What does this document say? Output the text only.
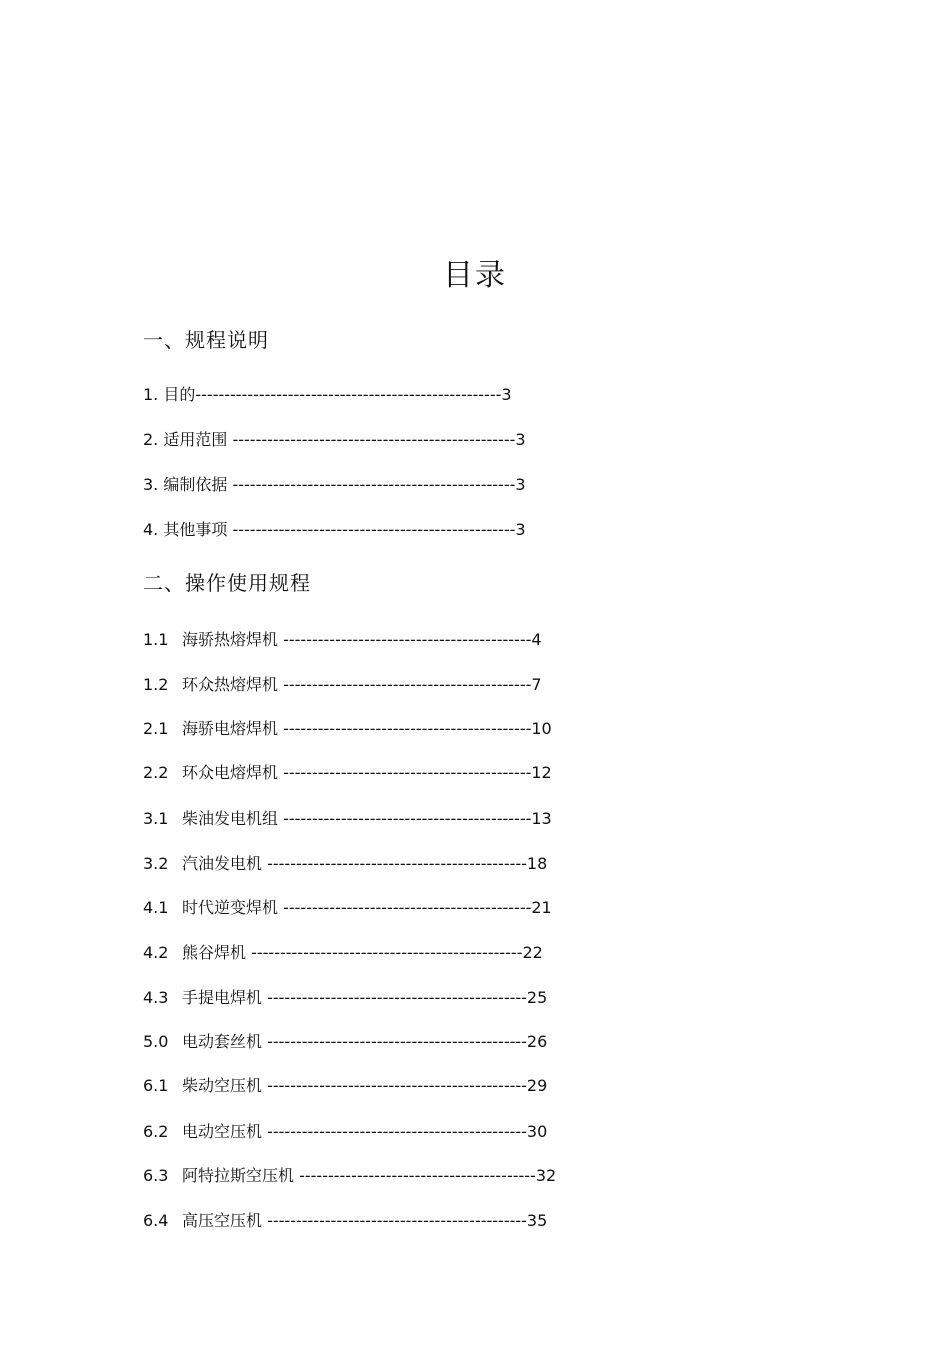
目录
一、规程说明
1. 目的-----------------------------------------------------3
2. 适用范围 -------------------------------------------------3
3. 编制依据 -------------------------------------------------3
4. 其他事项 -------------------------------------------------3
二、操作使用规程
1.1 海骄热熔焊机 -------------------------------------------4
1.2 环众热熔焊机 -------------------------------------------7
2.1 海骄电熔焊机 -------------------------------------------10
2.2 环众电熔焊机 -------------------------------------------12
3.1 柴油发电机组 -------------------------------------------13
3.2 汽油发电机 ---------------------------------------------18
4.1 时代逆变焊机 -------------------------------------------21
4.2 熊谷焊机 -----------------------------------------------22
4.3 手提电焊机 ---------------------------------------------25
5.0 电动套丝机 ---------------------------------------------26
6.1 柴动空压机 ---------------------------------------------29
6.2 电动空压机 ---------------------------------------------30
6.3 阿特拉斯空压机 -----------------------------------------32
6.4 高压空压机 ---------------------------------------------35
